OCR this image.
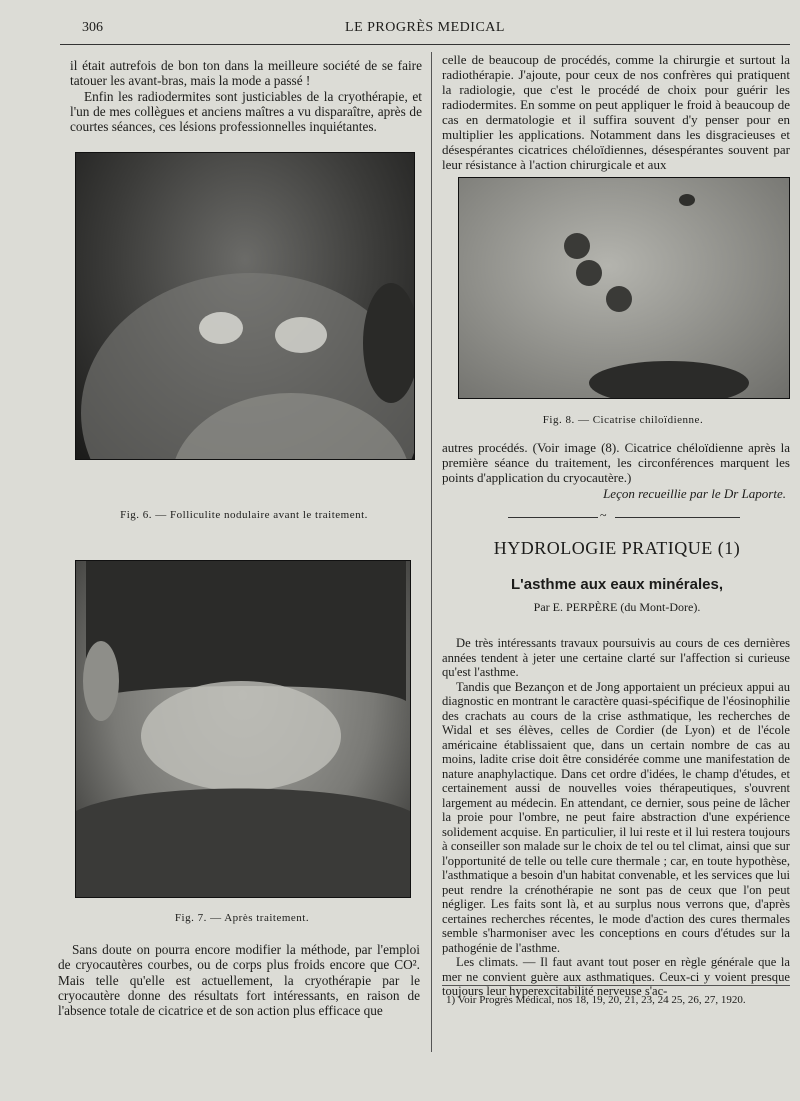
306	LE PROGRÈS MEDICAL

il était autrefois de bon ton dans la meilleure société de se faire tatouer les avant-bras, mais la mode a passé !

Enfin les radiodermites sont justiciables de la cryothérapie, et l'un de mes collègues et anciens maîtres a vu disparaître, après de courtes séances, ces lésions professionnelles inquiétantes.

Fig. 6. — Folliculite nodulaire avant le traitement.
Fig. 7. — Après traitement.

Sans doute on pourra encore modifier la méthode, par l'emploi de cryocautères courbes, ou de corps plus froids encore que CO². Mais telle qu'elle est actuellement, la cryothérapie par le cryocautère donne des résultats fort intéressants, en raison de l'absence totale de cicatrice et de son action plus efficace que

celle de beaucoup de procédés, comme la chirurgie et surtout la radiothérapie. J'ajoute, pour ceux de nos confrères qui pratiquent la radiologie, que c'est le procédé de choix pour guérir les radiodermites. En somme on peut appliquer le froid à beaucoup de cas en dermatologie et il suffira souvent d'y penser pour en multiplier les applications. Notamment dans les disgracieuses et désespérantes cicatrices chéloïdiennes, désespérantes souvent par leur résistance à l'action chirurgicale et aux

Fig. 8. — Cicatrise chiloïdienne.

autres procédés. (Voir image (8). Cicatrice chéloïdienne après la première séance du traitement, les circonférences marquent les points d'application du cryocautère.)

Leçon recueillie par le Dr Laporte.
~
HYDROLOGIE PRATIQUE (1)
L'asthme aux eaux minérales,
Par E. PERPÈRE (du Mont-Dore).

De très intéressants travaux poursuivis au cours de ces dernières années tendent à jeter une certaine clarté sur l'affection si curieuse qu'est l'asthme.

Tandis que Bezançon et de Jong apportaient un précieux appui au diagnostic en montrant le caractère quasi-spécifique de l'éosinophilie des crachats au cours de la crise asthmatique, les recherches de Widal et ses élèves, celles de Cordier (de Lyon) et de l'école américaine établissaient que, dans un certain nombre de cas au moins, ladite crise doit être considérée comme une manifestation de nature anaphylactique. Dans cet ordre d'idées, le champ d'études, et certainement aussi de nouvelles voies thérapeutiques, s'ouvrent largement au médecin. En attendant, ce dernier, sous peine de lâcher la proie pour l'ombre, ne peut faire abstraction d'une expérience solidement acquise. En particulier, il lui reste et il lui restera toujours à conseiller son malade sur le choix de tel ou tel climat, ainsi que sur l'opportunité de telle ou telle cure thermale ; car, en toute hypothèse, l'asthmatique a besoin d'un habitat convenable, et les services que lui peut rendre la crénothérapie ne sont pas de ceux que l'on peut négliger. Les faits sont là, et au surplus nous verrons que, d'après certaines recherches récentes, le mode d'action des cures thermales semble s'harmoniser avec les conceptions en cours d'études sur la pathogénie de l'asthme.

Les climats. — Il faut avant tout poser en règle générale que la mer ne convient guère aux asthmatiques. Ceux-ci y voient presque toujours leur hyperexcitabilité nerveuse s'ac-

1) Voir Progrès Médical, nos 18, 19, 20, 21, 23, 24 25, 26, 27, 1920.
